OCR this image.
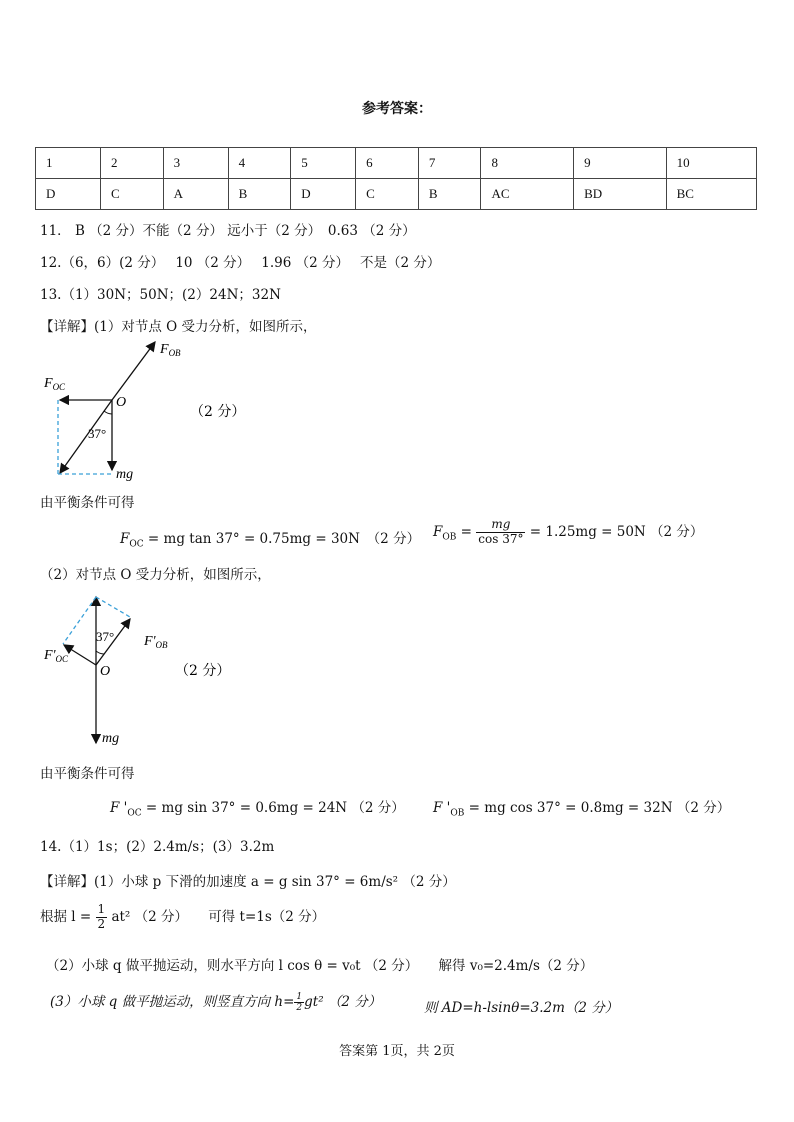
参考答案：
1	2	3	4	5	6	7	8	9	10
D	C	A	B	D	C	B	AC	BD	BC
11． B （2 分）不能（2 分） 远小于（2 分）　0.63 （2 分）
12.（6，6）(2 分）　 10 （2 分）　 1.96 （2 分）　 不是（2 分）
13.（1）30N；50N；(2）24N；32N
【详解】(1）对节点 O 受力分析，如图所示，
$F_{OB}$
$F_{OC}$
O
37°
mg
（2 分）
由平衡条件可得
$F_{OC}$ = mg tan 37° = 0.75mg = 30N　（2 分） $F_{OB} = \frac{mg}{\cos 37^\circ} = 1.25mg = 50N$ （2 分）
（2）对节点 O 受力分析，如图所示，
37° $F'_{OB}$
$F'_{OC}$
O
mg
（2 分）
由平衡条件可得
F '$_{OC}$ = mg sin 37° = 0.6mg = 24N （2 分） F '$_{OB}$ = mg cos 37° = 0.8mg = 32N （2 分）
14.（1）1s；(2）2.4m/s；(3）3.2m
【详解】(1）小球 p 下滑的加速度 a = g sin 37° = 6m/s² （2 分）
根据 $l = \frac{1}{2} at^2$ （2 分）　　可得 t=1s（2 分）
（2）小球 q 做平抛运动，则水平方向 l cos θ = v₀t （2 分）　　解得 v₀=2.4m/s（2 分）
(3）小球 q 做平抛运动，则竖直方向 $h= \frac{1}{2} gt^2$ （2 分）	则 AD=h-lsinθ=3.2m（2 分）
答案第 1页，共 2页
